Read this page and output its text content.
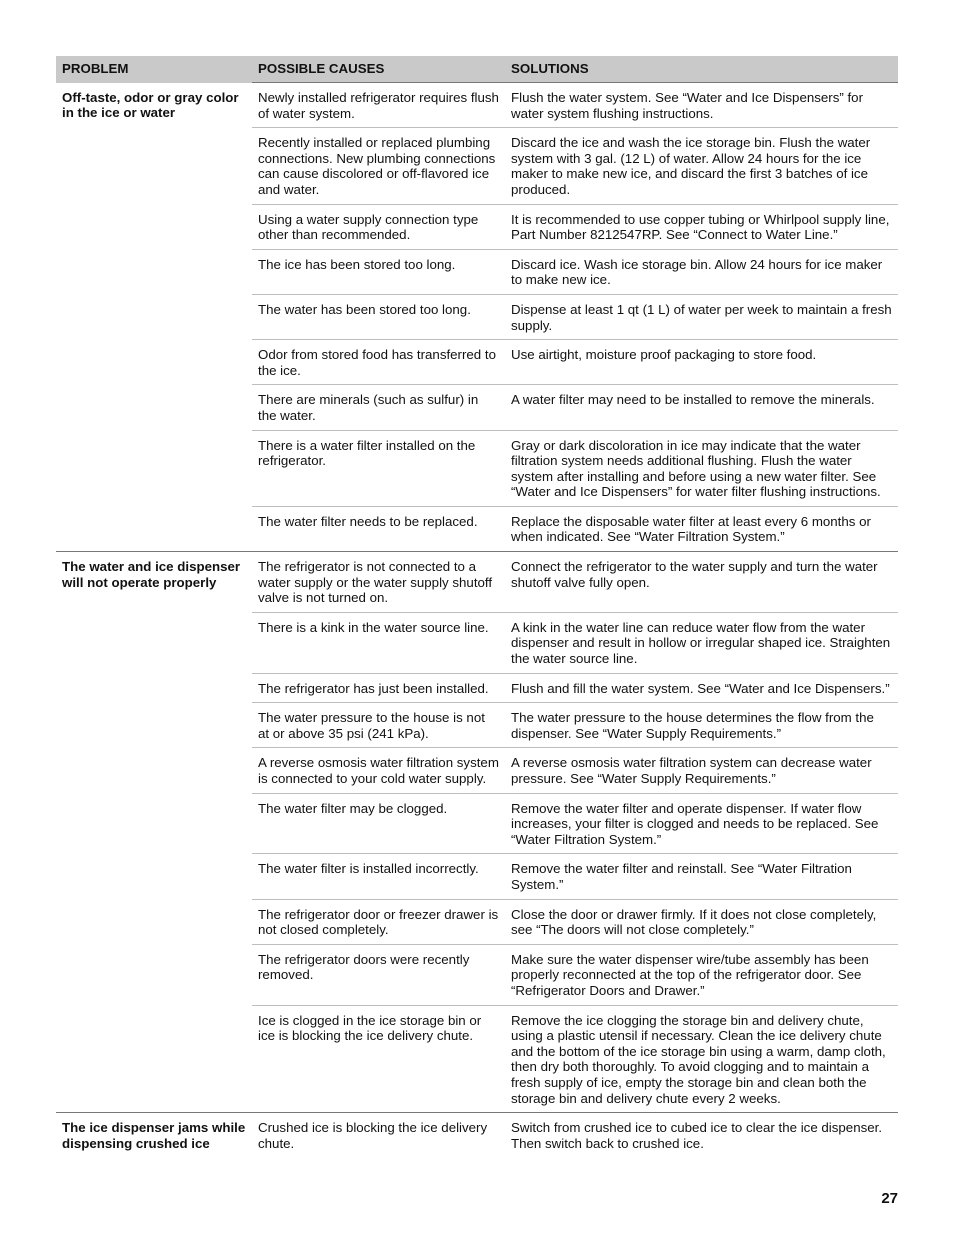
PROBLEM	POSSIBLE CAUSES	SOLUTIONS
Off-taste, odor or gray color in the ice or water	Newly installed refrigerator requires flush of water system.	Flush the water system. See “Water and Ice Dispensers” for water system flushing instructions.
	Recently installed or replaced plumbing connections. New plumbing connections can cause discolored or off-flavored ice and water.	Discard the ice and wash the ice storage bin. Flush the water system with 3 gal. (12 L) of water. Allow 24 hours for the ice maker to make new ice, and discard the first 3 batches of ice produced.
	Using a water supply connection type other than recommended.	It is recommended to use copper tubing or Whirlpool supply line, Part Number 8212547RP. See “Connect to Water Line.”
	The ice has been stored too long.	Discard ice. Wash ice storage bin. Allow 24 hours for ice maker to make new ice.
	The water has been stored too long.	Dispense at least 1 qt (1 L) of water per week to maintain a fresh supply.
	Odor from stored food has transferred to the ice.	Use airtight, moisture proof packaging to store food.
	There are minerals (such as sulfur) in the water.	A water filter may need to be installed to remove the minerals.
	There is a water filter installed on the refrigerator.	Gray or dark discoloration in ice may indicate that the water filtration system needs additional flushing. Flush the water system after installing and before using a new water filter. See “Water and Ice Dispensers” for water filter flushing instructions.
	The water filter needs to be replaced.	Replace the disposable water filter at least every 6 months or when indicated. See “Water Filtration System.”
The water and ice dispenser will not operate properly	The refrigerator is not connected to a water supply or the water supply shutoff valve is not turned on.	Connect the refrigerator to the water supply and turn the water shutoff valve fully open.
	There is a kink in the water source line.	A kink in the water line can reduce water flow from the water dispenser and result in hollow or irregular shaped ice. Straighten the water source line.
	The refrigerator has just been installed.	Flush and fill the water system. See “Water and Ice Dispensers.”
	The water pressure to the house is not at or above 35 psi (241 kPa).	The water pressure to the house determines the flow from the dispenser. See “Water Supply Requirements.”
	A reverse osmosis water filtration system is connected to your cold water supply.	A reverse osmosis water filtration system can decrease water pressure. See “Water Supply Requirements.”
	The water filter may be clogged.	Remove the water filter and operate dispenser. If water flow increases, your filter is clogged and needs to be replaced. See “Water Filtration System.”
	The water filter is installed incorrectly.	Remove the water filter and reinstall. See “Water Filtration System.”
	The refrigerator door or freezer drawer is not closed completely.	Close the door or drawer firmly. If it does not close completely, see “The doors will not close completely.”
	The refrigerator doors were recently removed.	Make sure the water dispenser wire/tube assembly has been properly reconnected at the top of the refrigerator door. See “Refrigerator Doors and Drawer.”
	Ice is clogged in the ice storage bin or ice is blocking the ice delivery chute.	Remove the ice clogging the storage bin and delivery chute, using a plastic utensil if necessary. Clean the ice delivery chute and the bottom of the ice storage bin using a warm, damp cloth, then dry both thoroughly. To avoid clogging and to maintain a fresh supply of ice, empty the storage bin and clean both the storage bin and delivery chute every 2 weeks.
The ice dispenser jams while dispensing crushed ice	Crushed ice is blocking the ice delivery chute.	Switch from crushed ice to cubed ice to clear the ice dispenser. Then switch back to crushed ice.
27
